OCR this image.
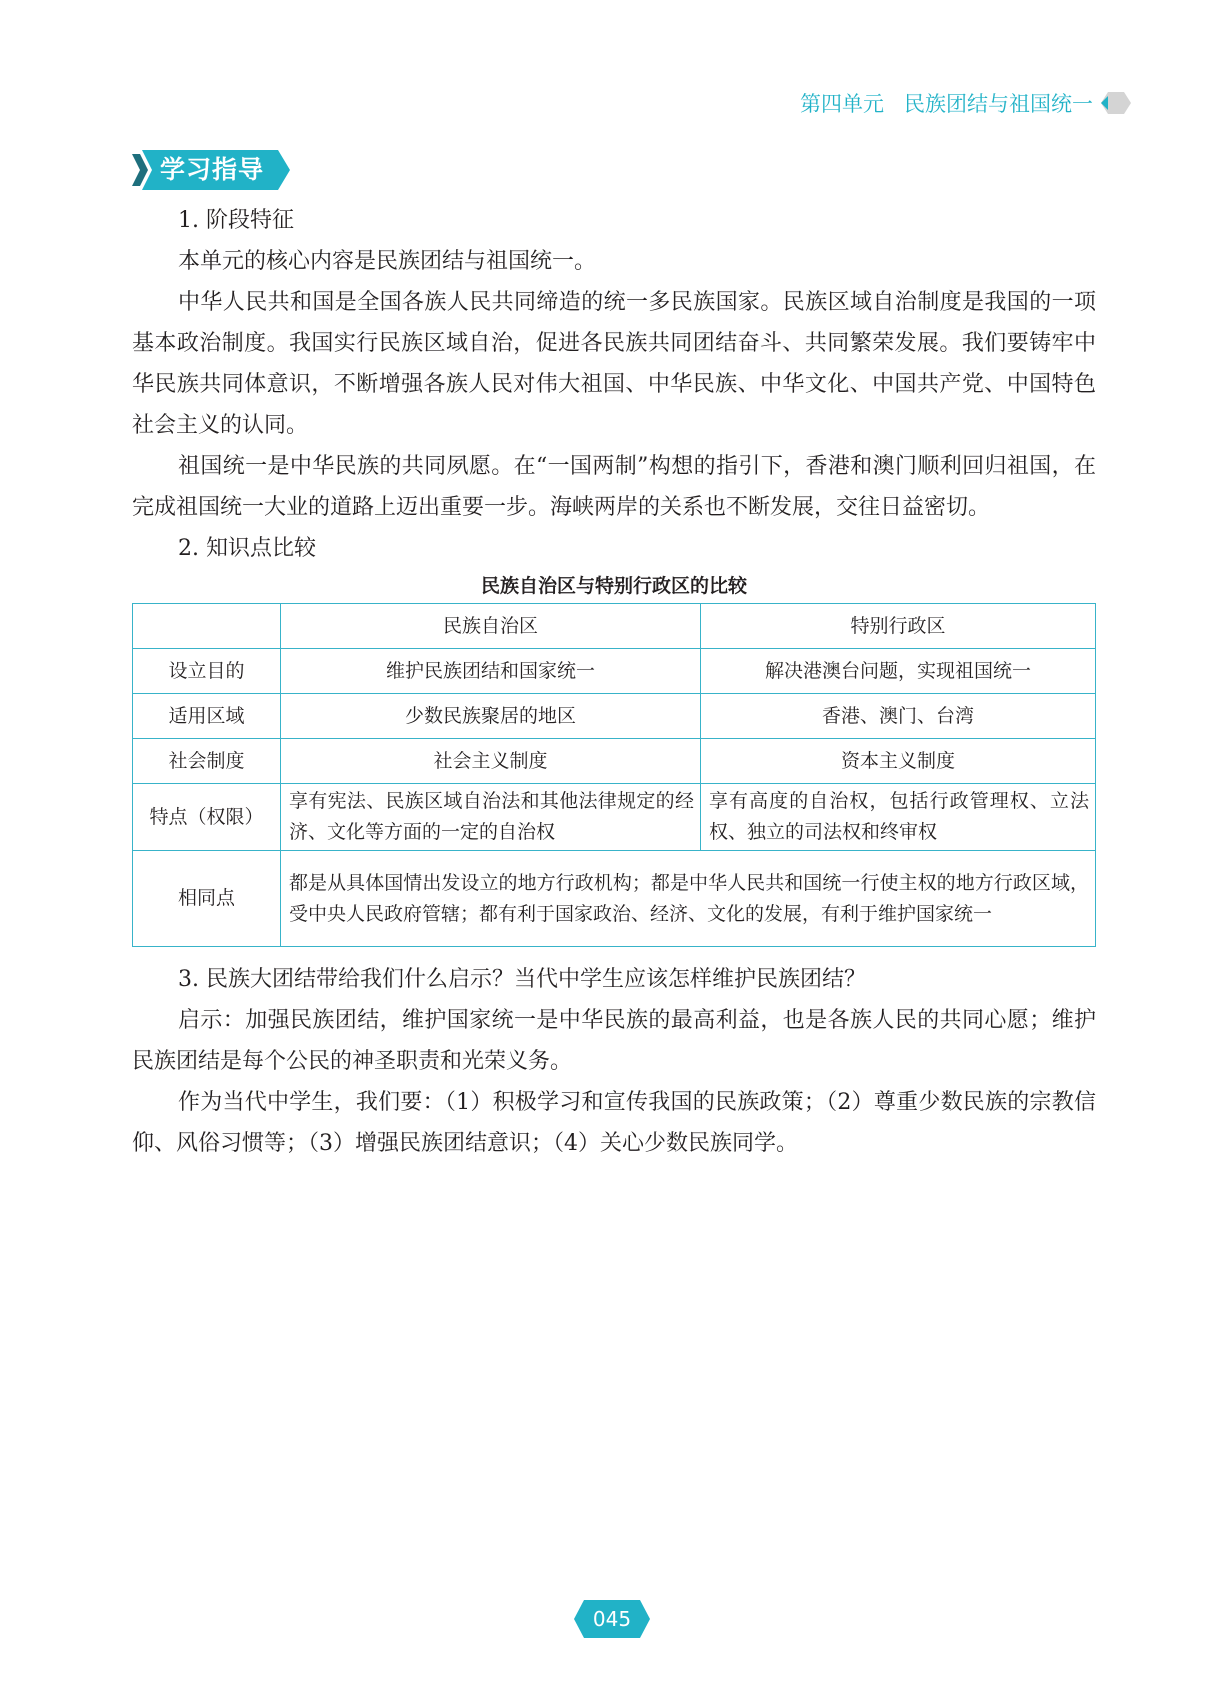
第四单元 民族团结与祖国统一
学习指导

1. 阶段特征

本单元的核心内容是民族团结与祖国统一。

中华人民共和国是全国各族人民共同缔造的统一多民族国家。民族区域自治制度是我国的一项基本政治制度。我国实行民族区域自治，促进各民族共同团结奋斗、共同繁荣发展。我们要铸牢中华民族共同体意识，不断增强各族人民对伟大祖国、中华民族、中华文化、中国共产党、中国特色社会主义的认同。

祖国统一是中华民族的共同夙愿。在“一国两制”构想的指引下，香港和澳门顺利回归祖国，在完成祖国统一大业的道路上迈出重要一步。海峡两岸的关系也不断发展，交往日益密切。

2. 知识点比较

民族自治区与特别行政区的比较

	民族自治区	特别行政区
设立目的	维护民族团结和国家统一	解决港澳台问题，实现祖国统一
适用区域	少数民族聚居的地区	香港、澳门、台湾
社会制度	社会主义制度	资本主义制度
特点（权限）	享有宪法、民族区域自治法和其他法律规定的经济、文化等方面的一定的自治权	享有高度的自治权，包括行政管理权、立法权、独立的司法权和终审权
相同点	都是从具体国情出发设立的地方行政机构；都是中华人民共和国统一行使主权的地方行政区域，受中央人民政府管辖；都有利于国家政治、经济、文化的发展，有利于维护国家统一	

3. 民族大团结带给我们什么启示？当代中学生应该怎样维护民族团结？

启示：加强民族团结，维护国家统一是中华民族的最高利益，也是各族人民的共同心愿；维护民族团结是每个公民的神圣职责和光荣义务。

作为当代中学生，我们要：（1）积极学习和宣传我国的民族政策；（2）尊重少数民族的宗教信仰、风俗习惯等；（3）增强民族团结意识；（4）关心少数民族同学。

045
